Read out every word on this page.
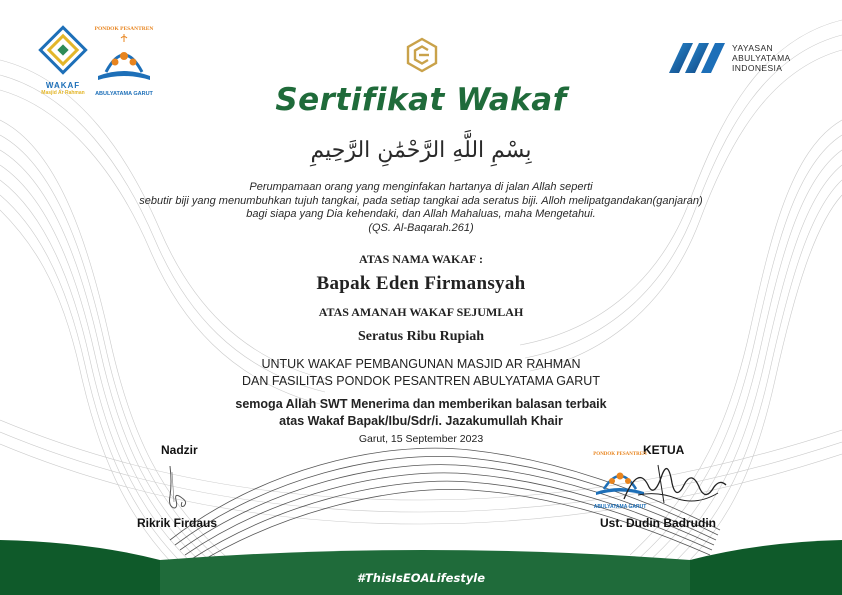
WAKAF
Masjid Ar Rahman
PONDOK PESANTREN
ABULYATAMA GARUT
YAYASAN
ABULYATAMA
INDONESIA
Sertifikat Wakaf
بِسْمِ اللَّهِ الرَّحْمَٰنِ الرَّحِيمِ
Perumpamaan orang yang menginfakan hartanya di jalan Allah seperti
sebutir biji yang menumbuhkan tujuh tangkai, pada setiap tangkai ada seratus biji. Alloh melipatgandakan(ganjaran)
bagi siapa yang Dia kehendaki, dan Allah Mahaluas, maha Mengetahui.
(QS. Al-Baqarah.261)
ATAS NAMA WAKAF :
Bapak Eden Firmansyah
ATAS AMANAH WAKAF SEJUMLAH
Seratus Ribu Rupiah
UNTUK WAKAF PEMBANGUNAN MASJID AR RAHMAN
DAN FASILITAS PONDOK PESANTREN ABULYATAMA GARUT
semoga Allah SWT Menerima dan memberikan balasan terbaik
atas Wakaf Bapak/Ibu/Sdr/i. Jazakumullah Khair
Garut, 15 September 2023
Nadzir
Rikrik Firdaus
KETUA
PONDOK PESANTREN
ABULYATAMA GARUT
Ust. Dudin Badrudin
#ThisIsEOALifestyle
